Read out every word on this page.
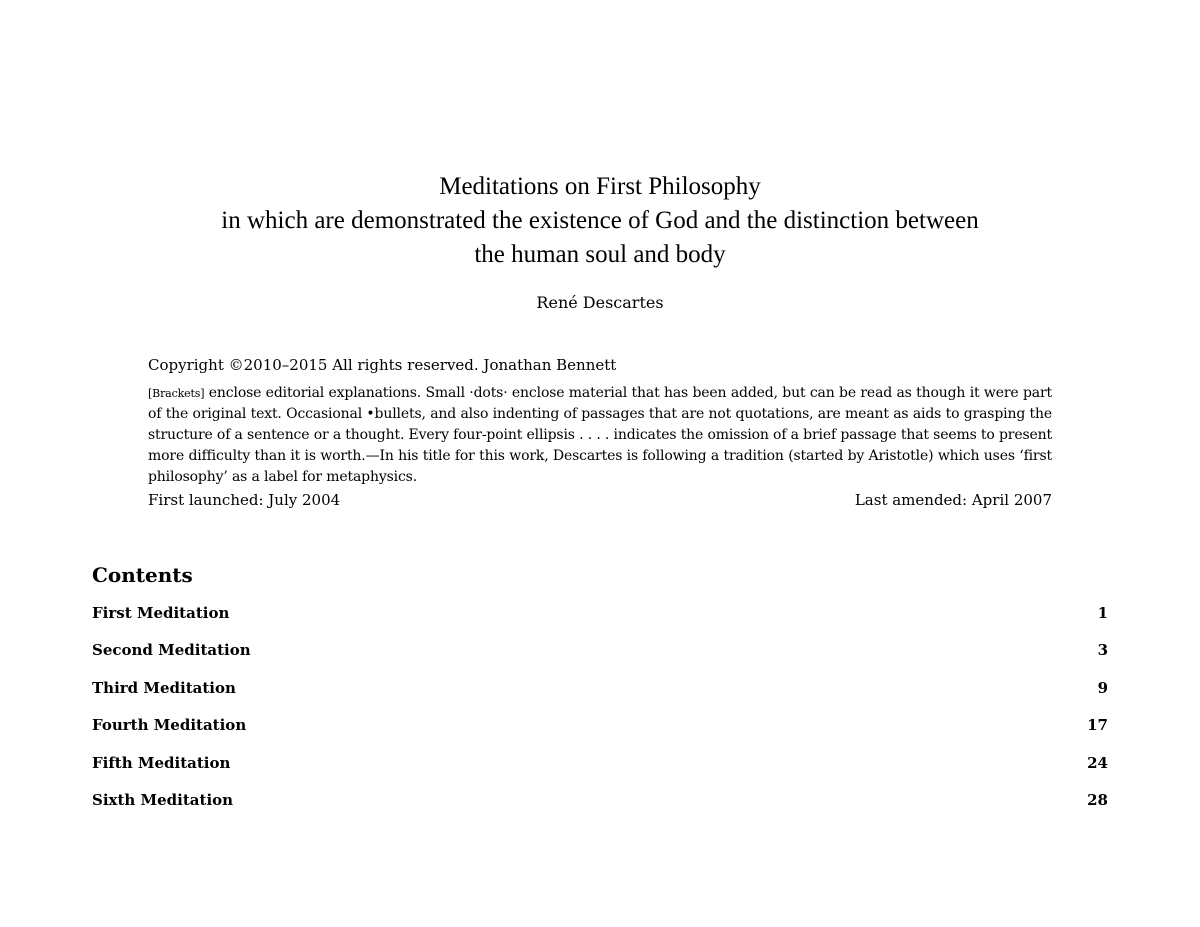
Meditations on First Philosophy
in which are demonstrated the existence of God and the distinction between
the human soul and body
René Descartes
Copyright ©2010–2015 All rights reserved. Jonathan Bennett
[Brackets] enclose editorial explanations. Small ·dots· enclose material that has been added, but can be read as though it were part of the original text. Occasional •bullets, and also indenting of passages that are not quotations, are meant as aids to grasping the structure of a sentence or a thought. Every four-point ellipsis . . . . indicates the omission of a brief passage that seems to present more difficulty than it is worth.—In his title for this work, Descartes is following a tradition (started by Aristotle) which uses ‘first philosophy’ as a label for metaphysics.
First launched: July 2004	Last amended: April 2007
Contents
First Meditation	1
Second Meditation	3
Third Meditation	9
Fourth Meditation	17
Fifth Meditation	24
Sixth Meditation	28
